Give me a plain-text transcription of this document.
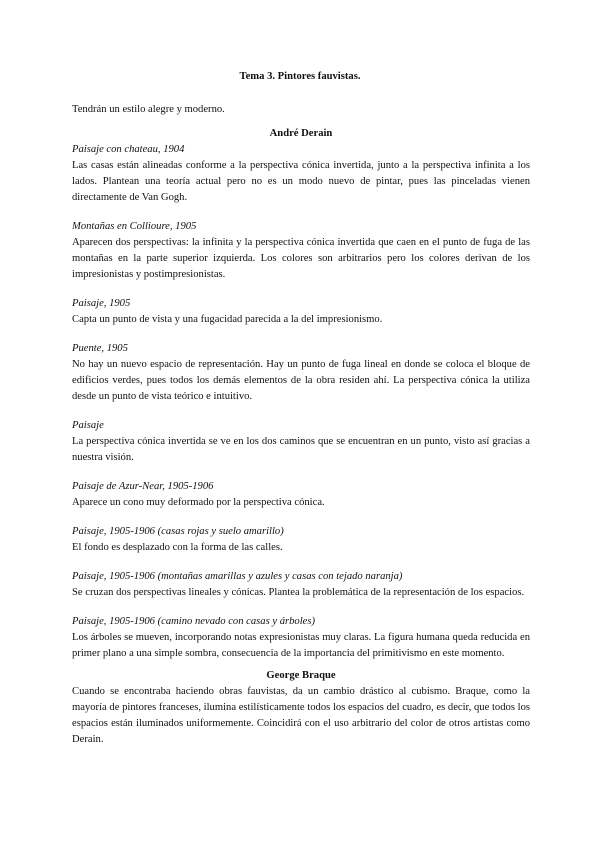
Tema 3. Pintores fauvistas.
Tendrán un estilo alegre y moderno.
André Derain
Paisaje con chateau, 1904
Las casas están alineadas conforme a la perspectiva cónica invertida, junto a la perspectiva infinita a los lados. Plantean una teoría actual pero no es un modo nuevo de pintar, pues las pinceladas vienen directamente de Van Gogh.
Montañas en Collioure, 1905
Aparecen dos perspectivas: la infinita y la perspectiva cónica invertida que caen en el punto de fuga de las montañas en la parte superior izquierda. Los colores son arbitrarios pero los colores derivan de los impresionistas y postimpresionistas.
Paisaje, 1905
Capta un punto de vista y una fugacidad parecida a la del impresionismo.
Puente, 1905
No hay un nuevo espacio de representación. Hay un punto de fuga lineal en donde se coloca el bloque de edificios verdes, pues todos los demás elementos de la obra residen ahí. La perspectiva cónica la utiliza desde un punto de vista teórico e intuitivo.
Paisaje
La perspectiva cónica invertida se ve en los dos caminos que se encuentran en un punto, visto así gracias a nuestra visión.
Paisaje de Azur-Near, 1905-1906
Aparece un cono muy deformado por la perspectiva cónica.
Paisaje, 1905-1906 (casas rojas y suelo amarillo)
El fondo es desplazado con la forma de las calles.
Paisaje, 1905-1906 (montañas amarillas y azules y casas con tejado naranja)
Se cruzan dos perspectivas lineales y cónicas. Plantea la problemática de la representación de los espacios.
Paisaje, 1905-1906 (camino nevado con casas y árboles)
Los árboles se mueven, incorporando notas expresionistas muy claras. La figura humana queda reducida en primer plano a una simple sombra, consecuencia de la importancia del primitivismo en este momento.
George Braque
Cuando se encontraba haciendo obras fauvistas, da un cambio drástico al cubismo. Braque, como la mayoría de pintores franceses, ilumina estilísticamente todos los espacios del cuadro, es decir, que todos los espacios están iluminados uniformemente. Coincidirá con el uso arbitrario del color de otros artistas como Derain.
